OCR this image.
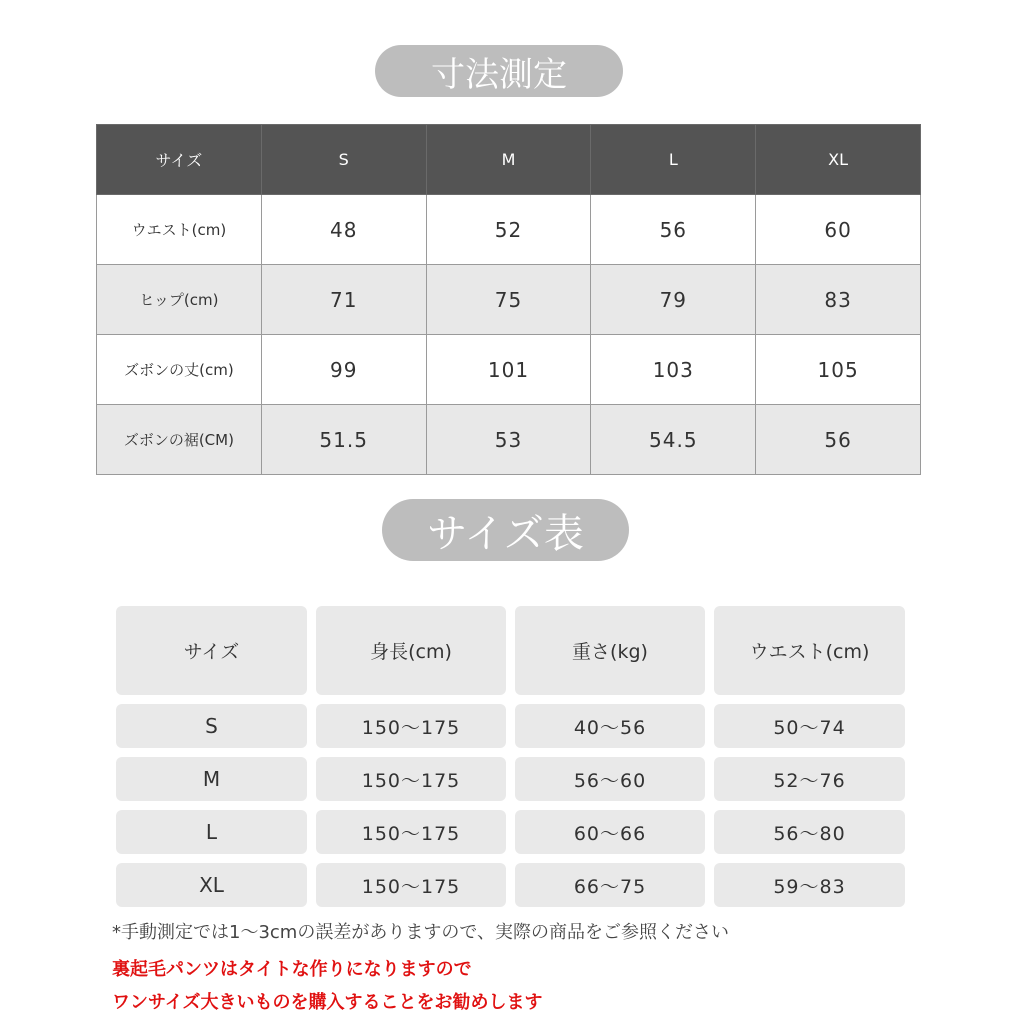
寸法測定
サイズ	S	M	L	XL
ウエスト(cm)	48	52	56	60
ヒップ(cm)	71	75	79	83
ズボンの丈(cm)	99	101	103	105
ズボンの裾(CM)	51.5	53	54.5	56
サイズ表
サイズ	身長(cm)	重さ(kg)	ウエスト(cm)
S	150〜175	40〜56	50〜74
M	150〜175	56〜60	52〜76
L	150〜175	60〜66	56〜80
XL	150〜175	66〜75	59〜83
*手動測定では1〜3cmの誤差がありますので、実際の商品をご参照ください
裏起毛パンツはタイトな作りになりますので
ワンサイズ大きいものを購入することをお勧めします
